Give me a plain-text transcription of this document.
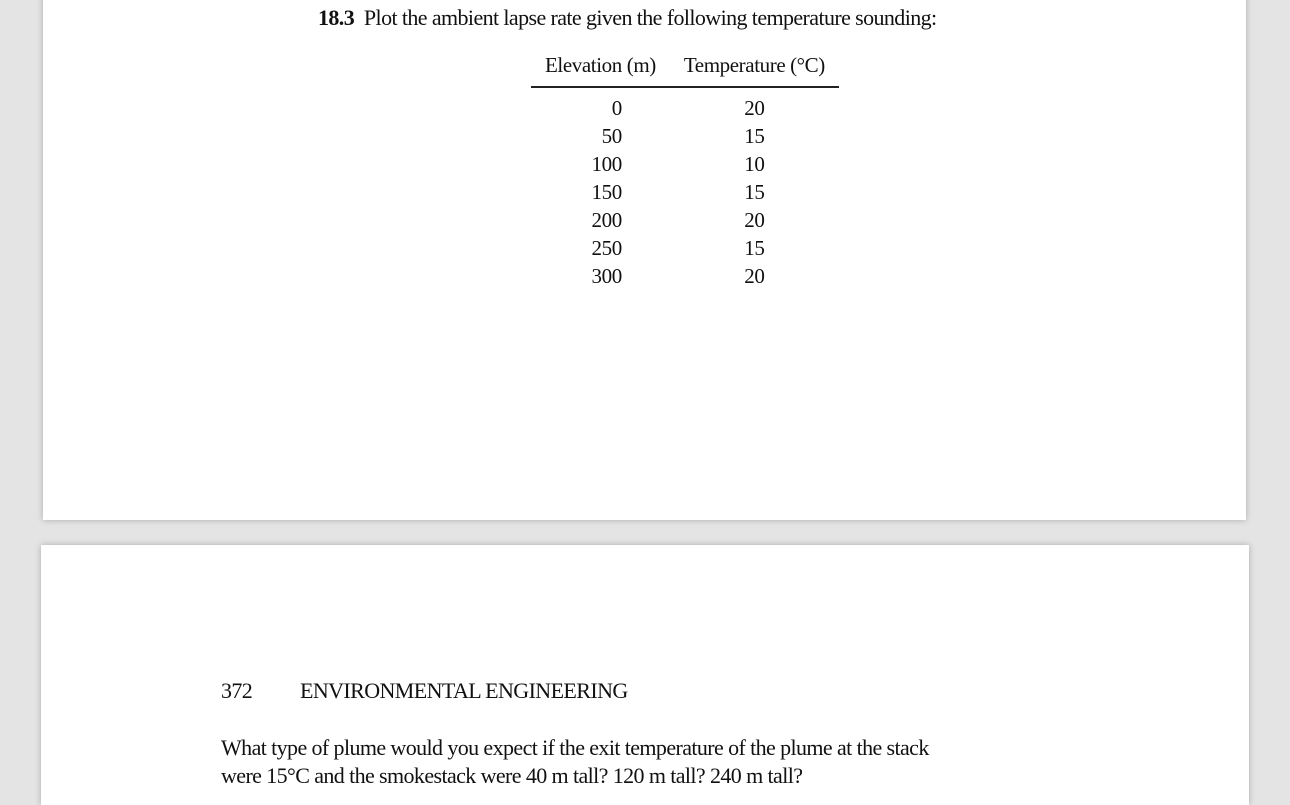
18.3 Plot the ambient lapse rate given the following temperature sounding:
Elevation (m)	Temperature (°C)
0	20
50	15
100	10
150	15
200	20
250	15
300	20
372 ENVIRONMENTAL ENGINEERING
What type of plume would you expect if the exit temperature of the plume at the stack
were 15°C and the smokestack were 40 m tall? 120 m tall? 240 m tall?
